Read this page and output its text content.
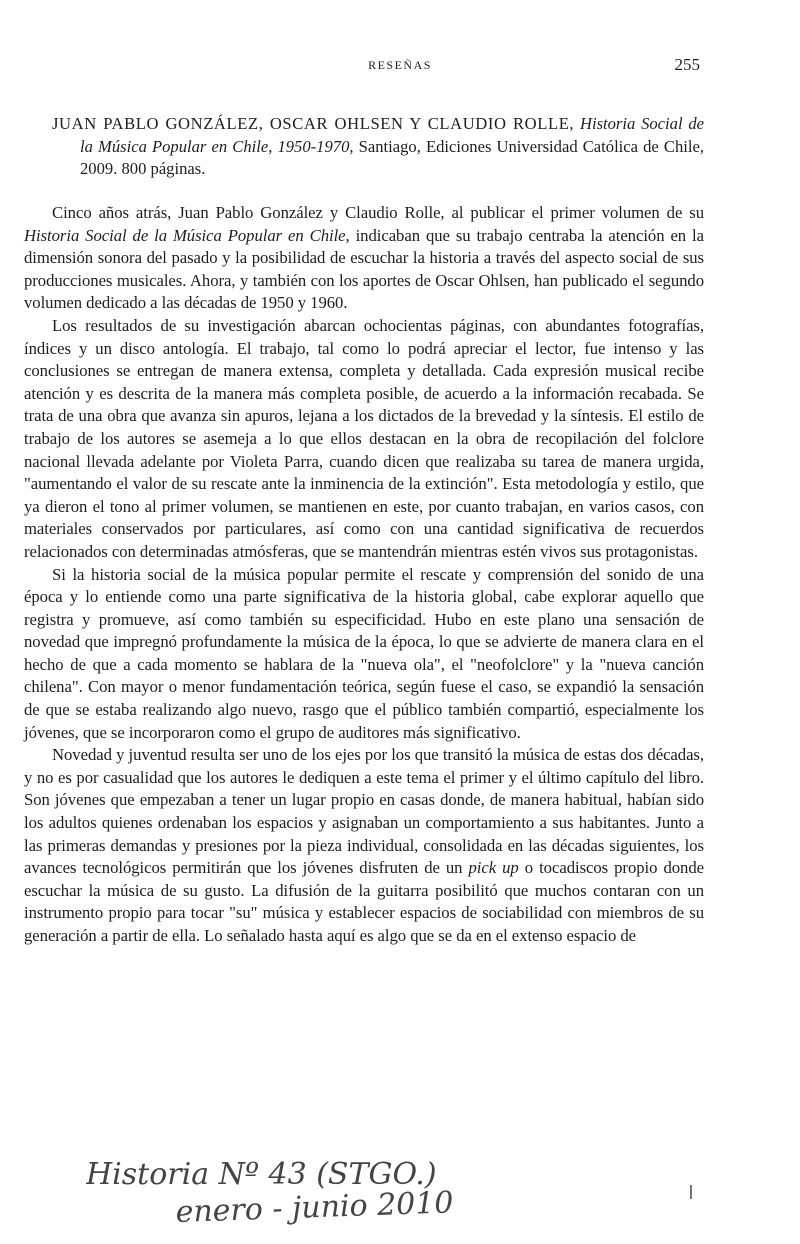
RESEÑAS	255
JUAN PABLO GONZÁLEZ, OSCAR OHLSEN Y CLAUDIO ROLLE, Historia Social de la Música Popular en Chile, 1950-1970, Santiago, Ediciones Universidad Católica de Chile, 2009. 800 páginas.

Cinco años atrás, Juan Pablo González y Claudio Rolle, al publicar el primer volumen de su Historia Social de la Música Popular en Chile, indicaban que su trabajo centraba la atención en la dimensión sonora del pasado y la posibilidad de escuchar la historia a través del aspecto social de sus producciones musicales. Ahora, y también con los aportes de Oscar Ohlsen, han publicado el segundo volumen dedicado a las décadas de 1950 y 1960.

Los resultados de su investigación abarcan ochocientas páginas, con abundantes fotografías, índices y un disco antología. El trabajo, tal como lo podrá apreciar el lector, fue intenso y las conclusiones se entregan de manera extensa, completa y detallada. Cada expresión musical recibe atención y es descrita de la manera más completa posible, de acuerdo a la información recabada. Se trata de una obra que avanza sin apuros, lejana a los dictados de la brevedad y la síntesis. El estilo de trabajo de los autores se asemeja a lo que ellos destacan en la obra de recopilación del folclore nacional llevada adelante por Violeta Parra, cuando dicen que realizaba su tarea de manera urgida, "aumentando el valor de su rescate ante la inminencia de la extinción". Esta metodología y estilo, que ya dieron el tono al primer volumen, se mantienen en este, por cuanto trabajan, en varios casos, con materiales conservados por particulares, así como con una cantidad significativa de recuerdos relacionados con determinadas atmósferas, que se mantendrán mientras estén vivos sus protagonistas.

Si la historia social de la música popular permite el rescate y comprensión del sonido de una época y lo entiende como una parte significativa de la historia global, cabe explorar aquello que registra y promueve, así como también su especificidad. Hubo en este plano una sensación de novedad que impregnó profundamente la música de la época, lo que se advierte de manera clara en el hecho de que a cada momento se hablara de la "nueva ola", el "neofolclore" y la "nueva canción chilena". Con mayor o menor fundamentación teórica, según fuese el caso, se expandió la sensación de que se estaba realizando algo nuevo, rasgo que el público también compartió, especialmente los jóvenes, que se incorporaron como el grupo de auditores más significativo.

Novedad y juventud resulta ser uno de los ejes por los que transitó la música de estas dos décadas, y no es por casualidad que los autores le dediquen a este tema el primer y el último capítulo del libro. Son jóvenes que empezaban a tener un lugar propio en casas donde, de manera habitual, habían sido los adultos quienes ordenaban los espacios y asignaban un comportamiento a sus habitantes. Junto a las primeras demandas y presiones por la pieza individual, consolidada en las décadas siguientes, los avances tecnológicos permitirán que los jóvenes disfruten de un pick up o tocadiscos propio donde escuchar la música de su gusto. La difusión de la guitarra posibilitó que muchos contaran con un instrumento propio para tocar "su" música y establecer espacios de sociabilidad con miembros de su generación a partir de ella. Lo señalado hasta aquí es algo que se da en el extenso espacio de

Historia Nº 43 (STGO.)
enero - junio 2010
